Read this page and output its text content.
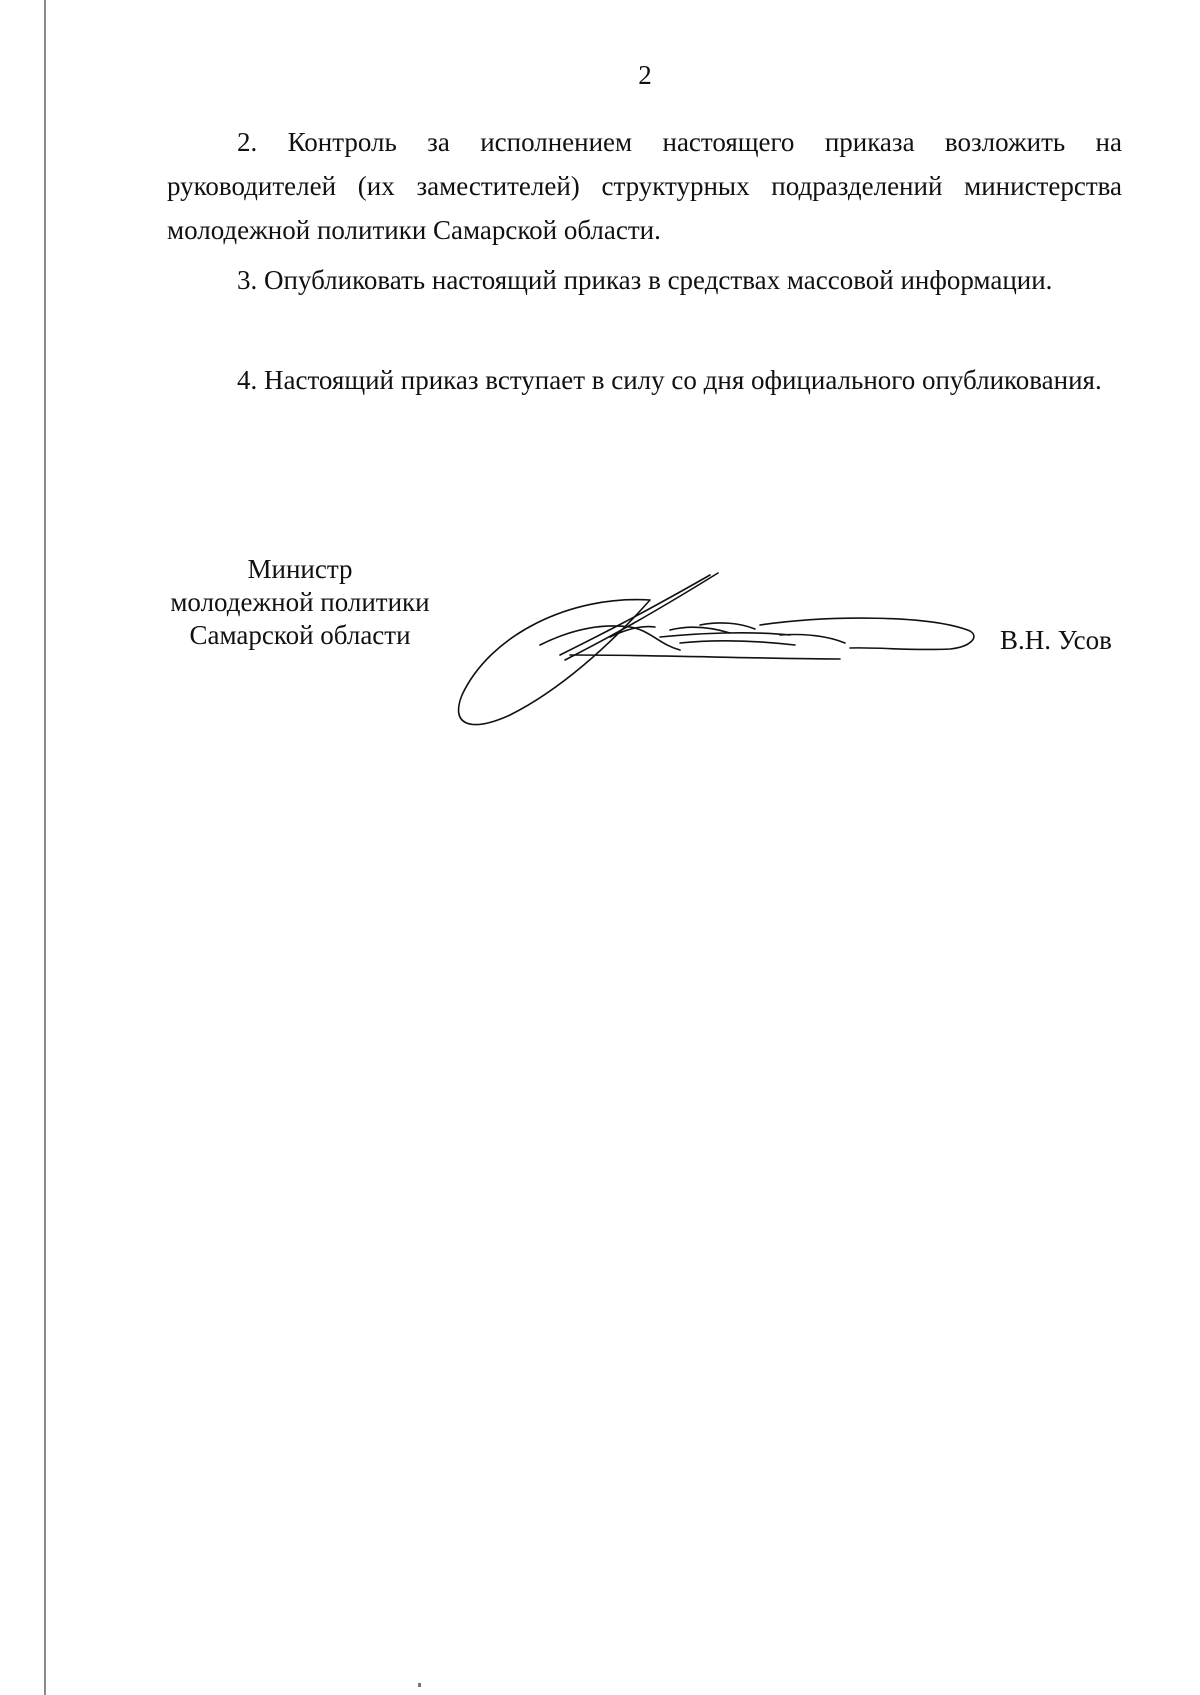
2

2. Контроль за исполнением настоящего приказа возложить на руководителей (их заместителей) структурных подразделений министерства молодежной политики Самарской области.

3. Опубликовать настоящий приказ в средствах массовой информации.

4. Настоящий приказ вступает в силу со дня официального опубликования.

Министр
молодежной политики
Самарской области	В.Н. Усов
